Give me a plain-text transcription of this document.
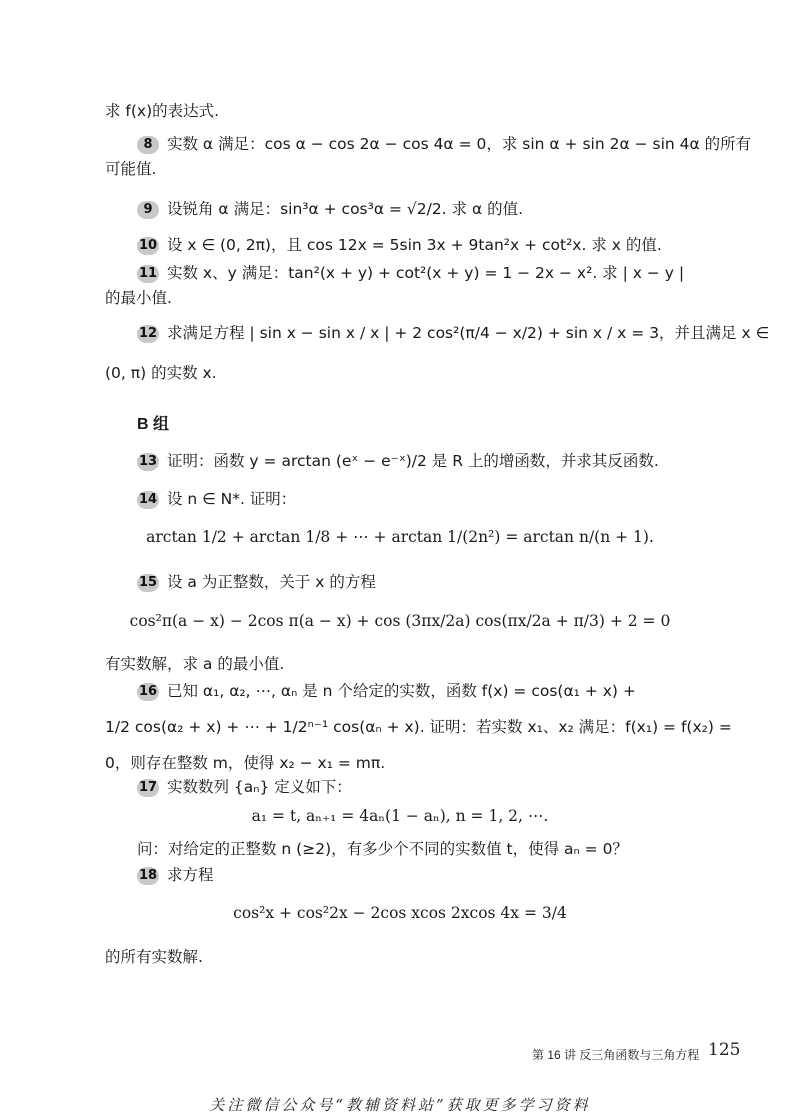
求 f(x)的表达式.
8 实数 α 满足：cos α − cos 2α − cos 4α = 0，求 sin α + sin 2α − sin 4α 的所有
可能值.
9 设锐角 α 满足：sin³α + cos³α = √2/2. 求 α 的值.
10 设 x ∈ (0, 2π)，且 cos 12x = 5sin 3x + 9tan²x + cot²x. 求 x 的值.
11 实数 x、y 满足：tan²(x + y) + cot²(x + y) = 1 − 2x − x². 求 | x − y |
的最小值.
12 求满足方程 | sin x − sin x / x | + 2 cos²(π/4 − x/2) + sin x / x = 3，并且满足 x ∈
(0, π) 的实数 x.
B 组
13 证明：函数 y = arctan (eˣ − e⁻ˣ)/2 是 R 上的增函数，并求其反函数.
14 设 n ∈ N*. 证明：
arctan 1/2 + arctan 1/8 + ⋯ + arctan 1/(2n²) = arctan n/(n + 1).
15 设 a 为正整数，关于 x 的方程
cos²π(a − x) − 2cos π(a − x) + cos (3πx/2a) cos(πx/2a + π/3) + 2 = 0
有实数解，求 a 的最小值.
16 已知 α₁, α₂, ⋯, αₙ 是 n 个给定的实数，函数 f(x) = cos(α₁ + x) +
1/2 cos(α₂ + x) + ⋯ + 1/2ⁿ⁻¹ cos(αₙ + x). 证明：若实数 x₁、x₂ 满足：f(x₁) = f(x₂) =
0，则存在整数 m，使得 x₂ − x₁ = mπ.
17 实数数列 {aₙ} 定义如下：
a₁ = t, aₙ₊₁ = 4aₙ(1 − aₙ), n = 1, 2, ⋯.
问：对给定的正整数 n (≥2)，有多少个不同的实数值 t，使得 aₙ = 0？
18 求方程
cos²x + cos²2x − 2cos xcos 2xcos 4x = 3/4
的所有实数解.
第 16 讲 反三角函数与三角方程 125
关注微信公众号“教辅资料站”获取更多学习资料
